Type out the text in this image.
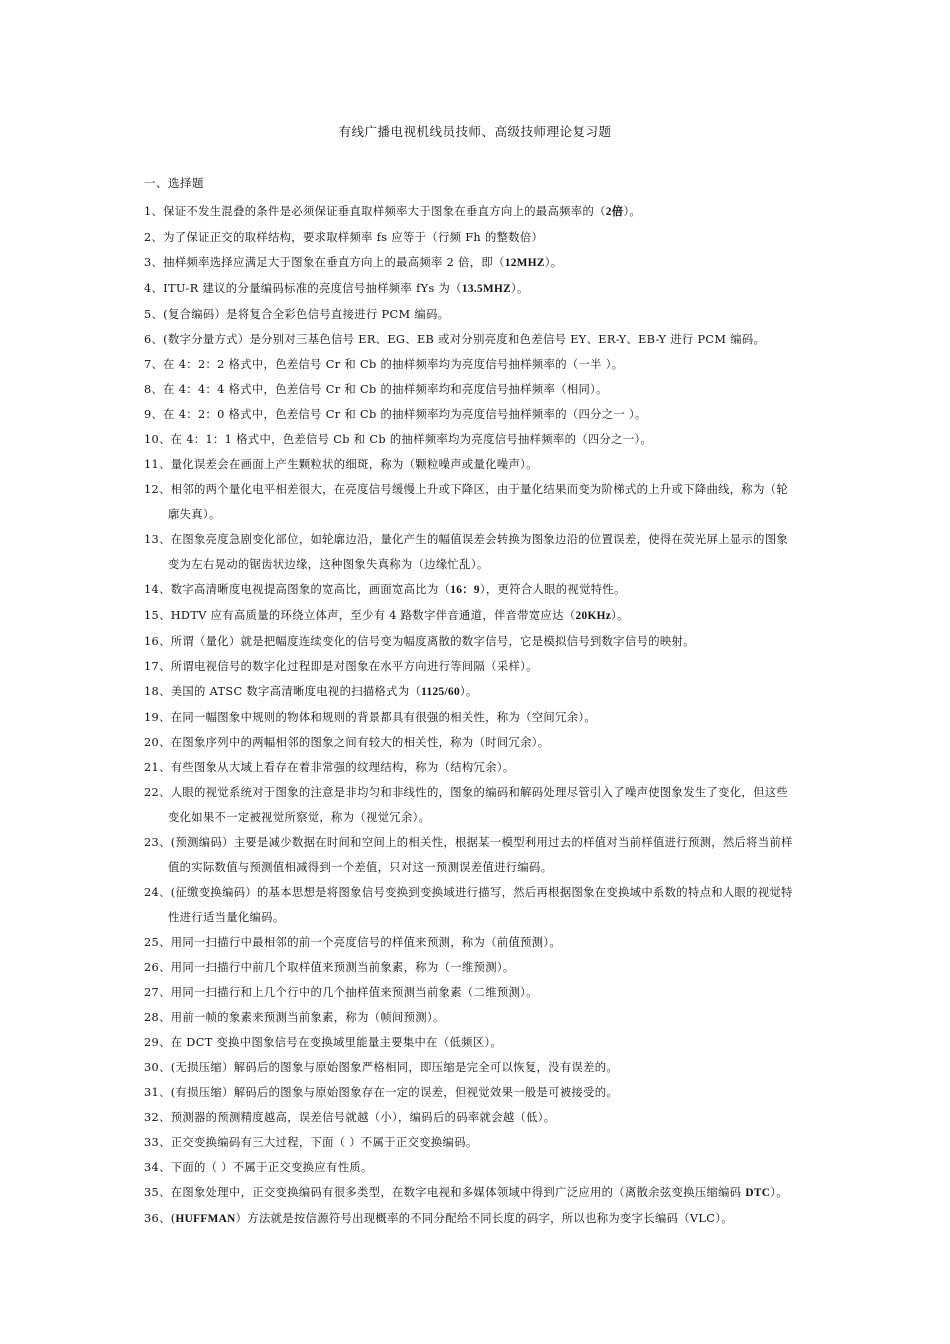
有线广播电视机线员技师、高级技师理论复习题
一、选择题
1、保证不发生混叠的条件是必须保证垂直取样频率大于图象在垂直方向上的最高频率的（2倍）。
2、为了保证正交的取样结构，要求取样频率 fs 应等于（行频 Fh 的整数倍）
3、抽样频率选择应满足大于图象在垂直方向上的最高频率 2 倍，即（12MHZ）。
4、ITU-R 建议的分量编码标准的亮度信号抽样频率 fYs 为（13.5MHZ）。
5、(复合编码）是将复合全彩色信号直接进行 PCM 编码。
6、(数字分量方式）是分别对三基色信号 ER、EG、EB 或对分别亮度和色差信号 EY、ER-Y、EB-Y 进行 PCM 编码。
7、在 4：2：2 格式中，色差信号 Cr 和 Cb 的抽样频率均为亮度信号抽样频率的（一半 ）。
8、在 4：4：4 格式中，色差信号 Cr 和 Cb 的抽样频率均和亮度信号抽样频率（相同）。
9、在 4：2：0 格式中，色差信号 Cr 和 Cb 的抽样频率均为亮度信号抽样频率的（四分之一 ）。
10、在 4：1：1 格式中，色差信号 Cb 和 Cb 的抽样频率均为亮度信号抽样频率的（四分之一）。
11、量化误差会在画面上产生颗粒状的细斑，称为（颗粒噪声或量化噪声）。
12、相邻的两个量化电平相差很大，在亮度信号缓慢上升或下降区，由于量化结果而变为阶梯式的上升或下降曲线，称为（轮
廓失真）。
13、在图象亮度急剧变化部位，如轮廓边沿，量化产生的幅值误差会转换为图象边沿的位置误差，使得在荧光屏上显示的图象
变为左右晃动的锯齿状边缘，这种图象失真称为（边缘忙乱）。
14、数字高清晰度电视提高图象的宽高比，画面宽高比为（16：9），更符合人眼的视觉特性。
15、HDTV 应有高质量的环绕立体声，至少有 4 路数字伴音通道，伴音带宽应达（20KHz）。
16、所谓（量化）就是把幅度连续变化的信号变为幅度离散的数字信号，它是模拟信号到数字信号的映射。
17、所谓电视信号的数字化过程即是对图象在水平方向进行等间隔（采样）。
18、美国的 ATSC 数字高清晰度电视的扫描格式为（1125/60）。
19、在同一幅图象中规则的物体和规则的背景都具有很强的相关性，称为（空间冗余）。
20、在图象序列中的两幅相邻的图象之间有较大的相关性，称为（时间冗余）。
21、有些图象从大域上看存在着非常强的纹理结构，称为（结构冗余）。
22、人眼的视觉系统对于图象的注意是非均匀和非线性的，图象的编码和解码处理尽管引入了噪声使图象发生了变化，但这些
变化如果不一定被视觉所察觉，称为（视觉冗余）。
23、(预测编码）主要是减少数据在时间和空间上的相关性，根据某一模型利用过去的样值对当前样值进行预测，然后将当前样
值的实际数值与预测值相减得到一个差值，只对这一预测误差值进行编码。
24、(征缴变换编码）的基本思想是将图象信号变换到变换域进行描写，然后再根据图象在变换域中系数的特点和人眼的视觉特
性进行适当量化编码。
25、用同一扫描行中最相邻的前一个亮度信号的样值来预测，称为（前值预测）。
26、用同一扫描行中前几个取样值来预测当前象素，称为（一维预测）。
27、用同一扫描行和上几个行中的几个抽样值来预测当前象素（二维预测）。
28、用前一帧的象素来预测当前象素，称为（帧间预测）。
29、在 DCT 变换中图象信号在变换域里能量主要集中在（低频区）。
30、(无损压缩）解码后的图象与原始图象严格相同，即压缩是完全可以恢复，没有误差的。
31、(有损压缩）解码后的图象与原始图象存在一定的误差，但视觉效果一般是可被接受的。
32、预测器的预测精度越高，误差信号就越（小），编码后的码率就会越（低）。
33、正交变换编码有三大过程，下面（ ）不属于正交变换编码。
34、下面的（ ）不属于正交变换应有性质。
35、在图象处理中，正交变换编码有很多类型，在数字电视和多媒体领域中得到广泛应用的（离散余弦变换压缩编码 DTC）。
36、(HUFFMAN）方法就是按信源符号出现概率的不同分配给不同长度的码字，所以也称为变字长编码（VLC）。
